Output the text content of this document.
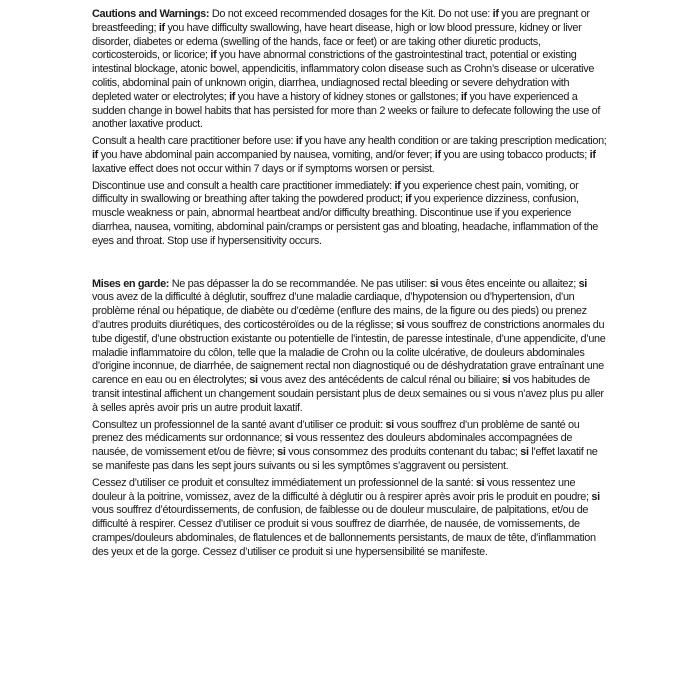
Cautions and Warnings: Do not exceed recommended dosages for the Kit. Do not use: if you are pregnant or breastfeeding; if you have difficulty swallowing, have heart disease, high or low blood pressure, kidney or liver disorder, diabetes or edema (swelling of the hands, face or feet) or are taking other diuretic products, corticosteroids, or licorice; if you have abnormal constrictions of the gastrointestinal tract, potential or existing intestinal blockage, atonic bowel, appendicitis, inflammatory colon disease such as Crohn’s disease or ulcerative colitis, abdominal pain of unknown origin, diarrhea, undiagnosed rectal bleeding or severe dehydration with depleted water or electrolytes; if you have a history of kidney stones or gallstones; if you have experienced a sudden change in bowel habits that has persisted for more than 2 weeks or failure to defecate following the use of another laxative product.

Consult a health care practitioner before use: if you have any health condition or are taking prescription medication; if you have abdominal pain accompanied by nausea, vomiting, and/or fever; if you are using tobacco products; if laxative effect does not occur within 7 days or if symptoms worsen or persist.

Discontinue use and consult a health care practitioner immediately: if you experience chest pain, vomiting, or difficulty in swallowing or breathing after taking the powdered product; if you experience dizziness, confusion, muscle weakness or pain, abnormal heartbeat and/or difficulty breathing. Discontinue use if you experience diarrhea, nausea, vomiting, abdominal pain/cramps or persistent gas and bloating, headache, inflammation of the eyes and throat. Stop use if hypersensitivity occurs.

Mises en garde: Ne pas dépasser la do se recommandée. Ne pas utiliser: si vous êtes enceinte ou allaitez; si vous avez de la difficulté à déglutir, souffrez d’une maladie cardiaque, d’hypotension ou d’hypertension, d’un problème rénal ou hépatique, de diabète ou d’œdème (enflure des mains, de la figure ou des pieds) ou prenez d’autres produits diurétiques, des corticostéroïdes ou de la réglisse; si vous souffrez de constrictions anormales du tube digestif, d’une obstruction existante ou potentielle de l’intestin, de paresse intestinale, d’une appendicite, d’une maladie inflammatoire du côlon, telle que la maladie de Crohn ou la colite ulcérative, de douleurs abdominales d’origine inconnue, de diarrhée, de saignement rectal non diagnostiqué ou de déshydratation grave entraînant une carence en eau ou en électrolytes; si vous avez des antécédents de calcul rénal ou biliaire; si vos habitudes de transit intestinal affichent un changement soudain persistant plus de deux semaines ou si vous n’avez plus pu aller à selles après avoir pris un autre produit laxatif.

Consultez un professionnel de la santé avant d’utiliser ce produit: si vous souffrez d’un problème de santé ou prenez des médicaments sur ordonnance; si vous ressentez des douleurs abdominales accompagnées de nausée, de vomissement et/ou de fièvre; si vous consommez des produits contenant du tabac; si l’effet laxatif ne se manifeste pas dans les sept jours suivants ou si les symptômes s’aggravent ou persistent.

Cessez d’utiliser ce produit et consultez immédiatement un professionnel de la santé: si vous ressentez une douleur à la poitrine, vomissez, avez de la difficulté à déglutir ou à respirer après avoir pris le produit en poudre; si vous souffrez d’étourdissements, de confusion, de faiblesse ou de douleur musculaire, de palpitations, et/ou de difficulté à respirer. Cessez d’utiliser ce produit si vous souffrez de diarrhée, de nausée, de vomissements, de crampes/douleurs abdominales, de flatulences et de ballonnements persistants, de maux de tête, d’inflammation des yeux et de la gorge. Cessez d’utiliser ce produit si une hypersensibilité se manifeste.
